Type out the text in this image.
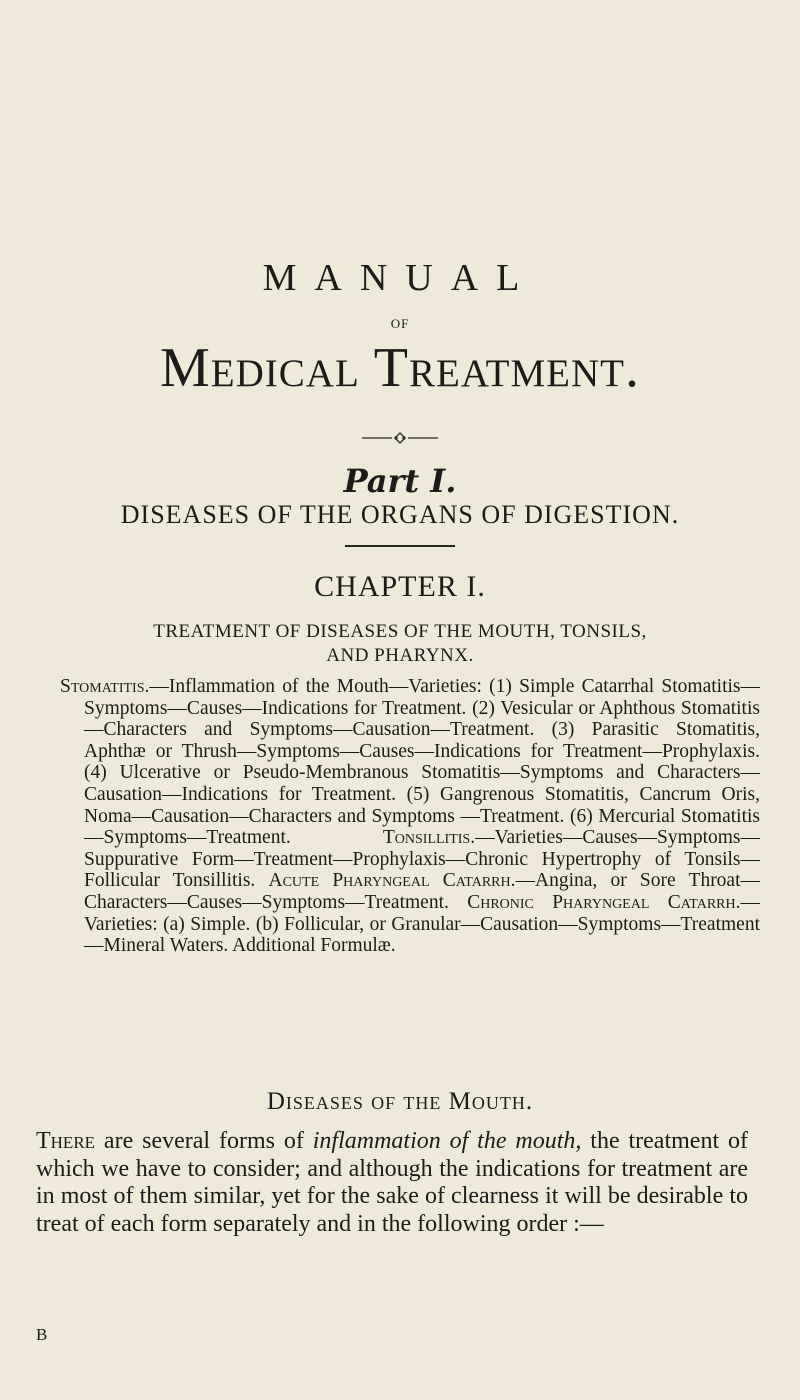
MANUAL
OF
Medical Treatment.
Part I.
DISEASES OF THE ORGANS OF DIGESTION.
CHAPTER I.
TREATMENT OF DISEASES OF THE MOUTH, TONSILS,
AND PHARYNX.
Stomatitis.—Inflammation of the Mouth—Varieties: (1) Simple Catarrhal Stomatitis—Symptoms—Causes—Indications for Treatment. (2) Vesicular or Aphthous Stomatitis—Characters and Symptoms—Causation—Treatment. (3) Parasitic Stomatitis, Aphthæ or Thrush—Symptoms—Causes—Indications for Treatment—Prophylaxis. (4) Ulcerative or Pseudo-Membranous Stomatitis—Symptoms and Characters—Causation—Indications for Treatment. (5) Gangrenous Stomatitis, Cancrum Oris, Noma—Causation—Characters and Symptoms —Treatment. (6) Mercurial Stomatitis—Symptoms—Treatment. Tonsillitis.—Varieties—Causes—Symptoms—Suppurative Form—Treatment—Prophylaxis—Chronic Hypertrophy of Tonsils—Follicular Tonsillitis. Acute Pharyngeal Catarrh.—Angina, or Sore Throat—Characters—Causes—Symptoms—Treatment. Chronic Pharyngeal Catarrh.—Varieties: (a) Simple. (b) Follicular, or Granular—Causation—Symptoms—Treatment—Mineral Waters. Additional Formulæ.
Diseases of the Mouth.
There are several forms of inflammation of the mouth, the treatment of which we have to consider; and although the indications for treatment are in most of them similar, yet for the sake of clearness it will be desirable to treat of each form separately and in the following order :—
B
